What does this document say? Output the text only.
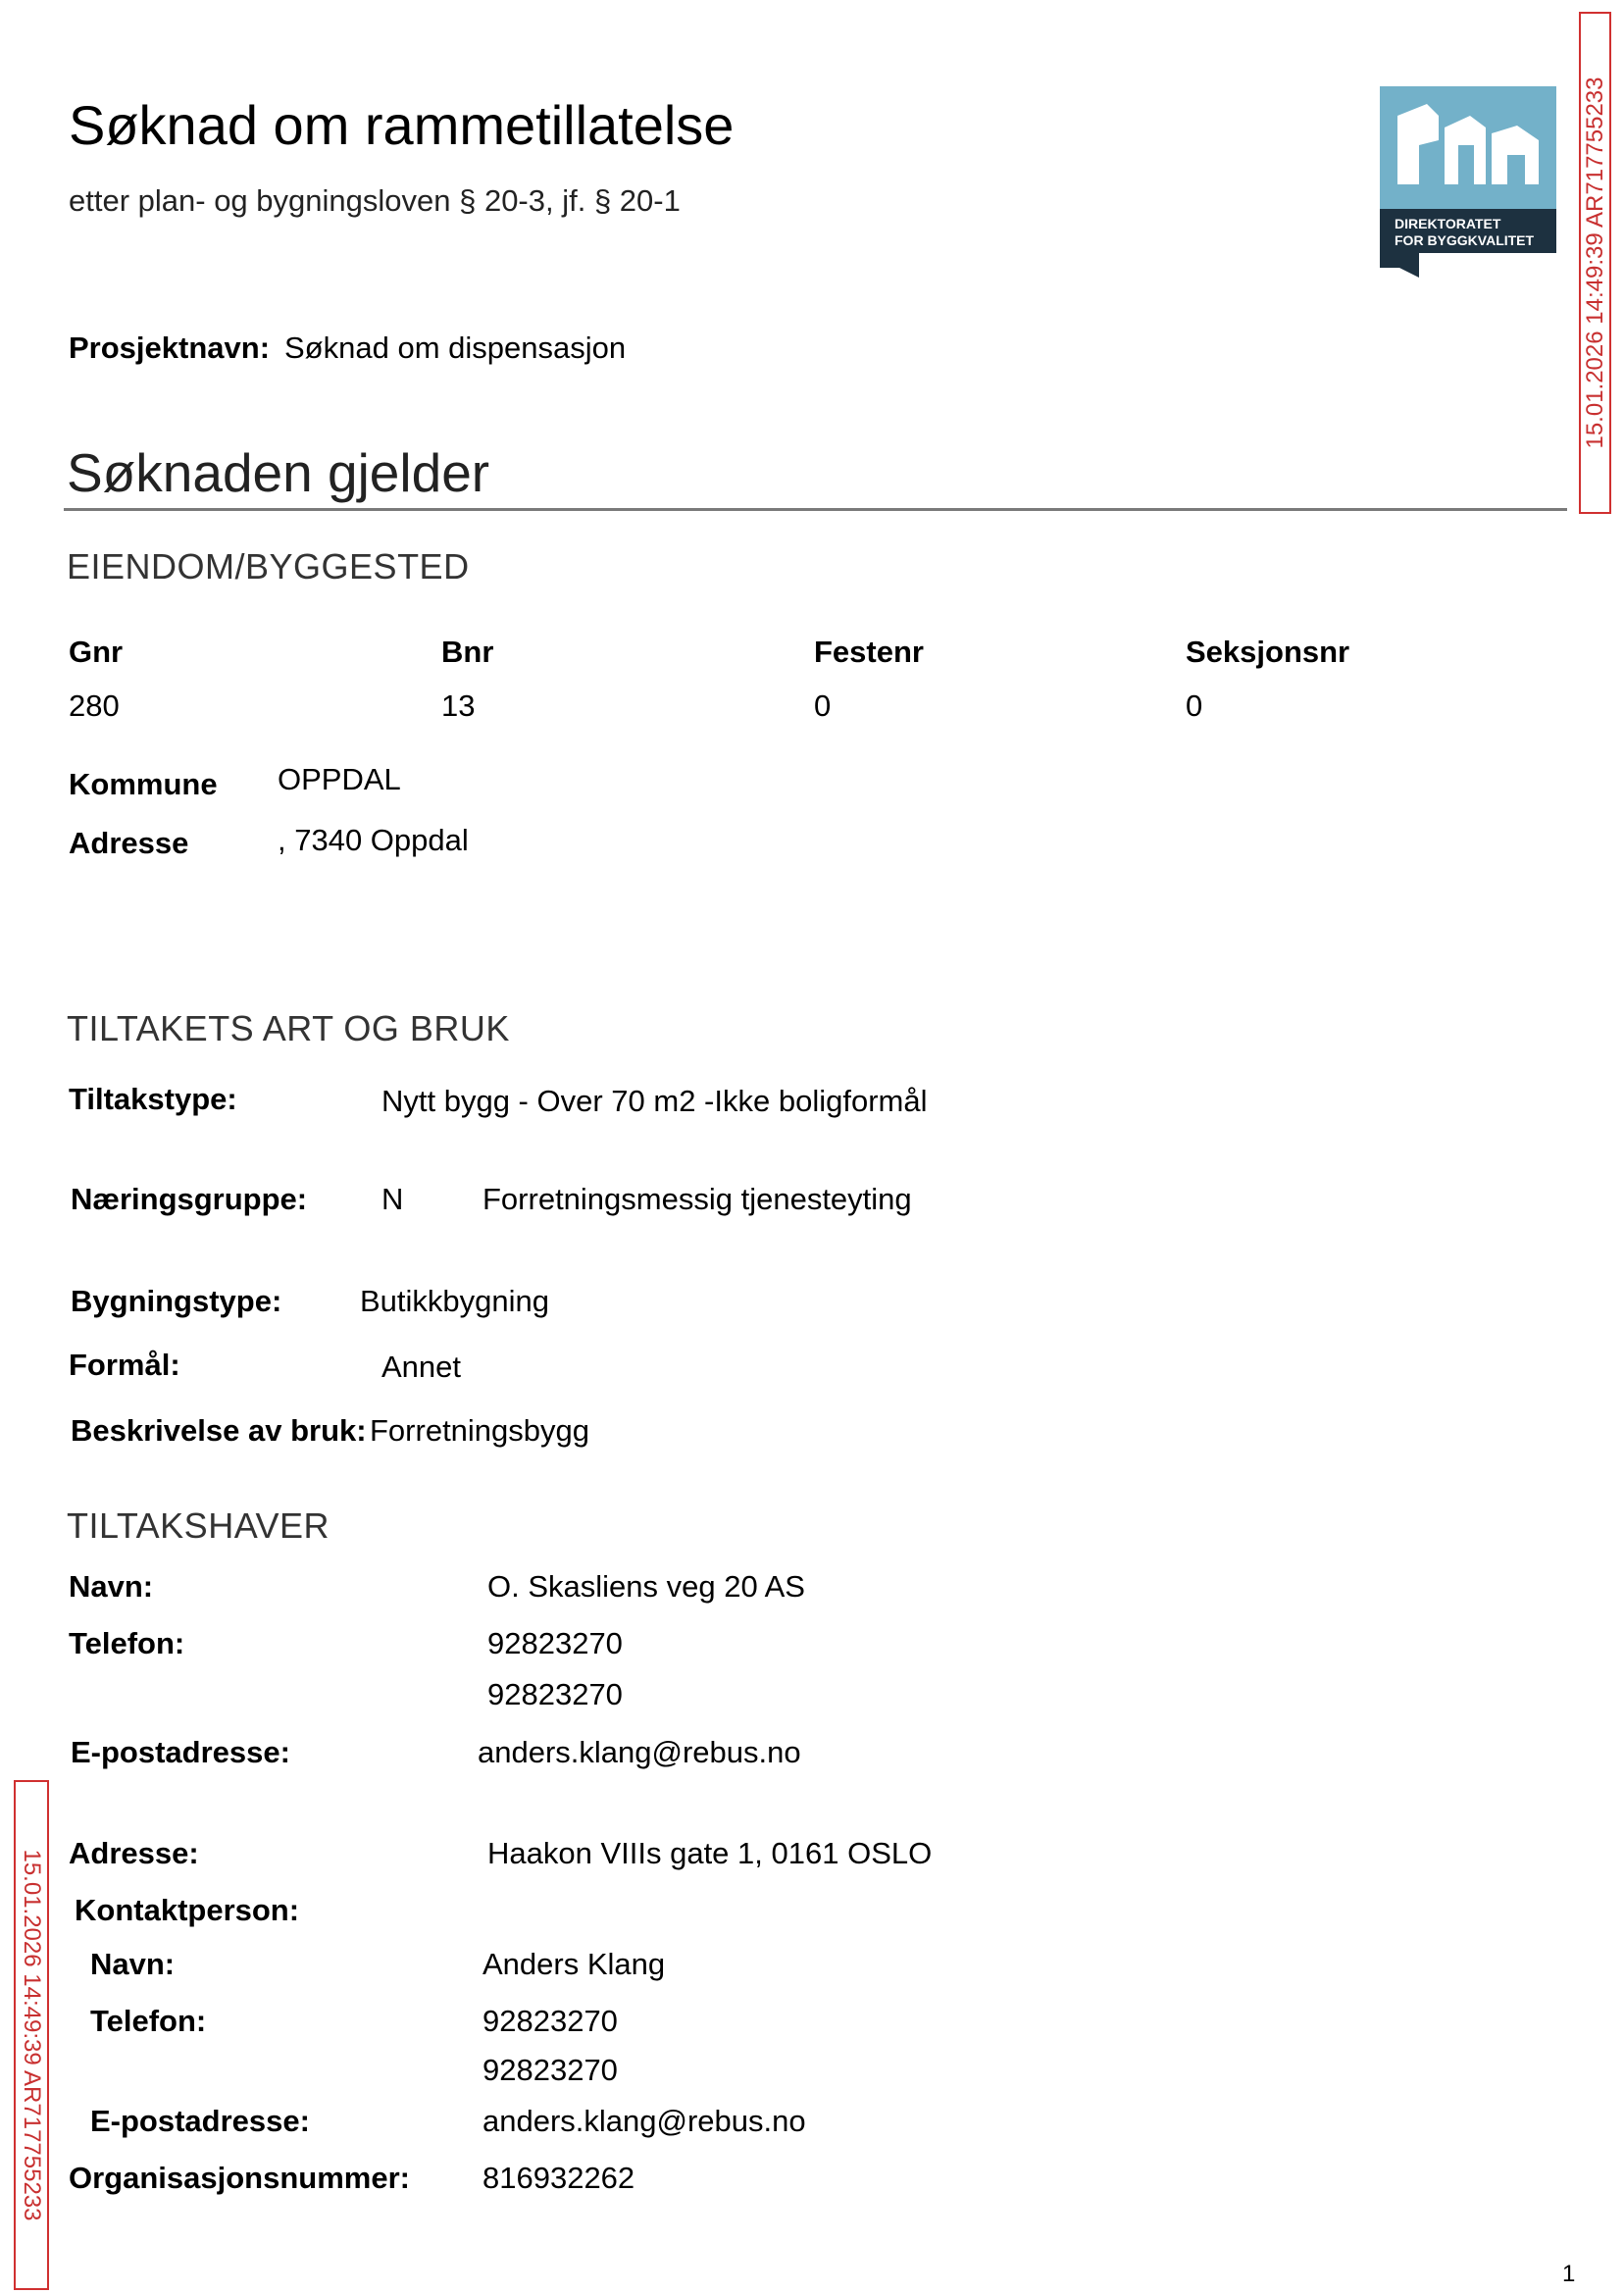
Søknad om rammetillatelse
etter plan- og bygningsloven § 20-3, jf. § 20-1
DIREKTORATET
FOR BYGGKVALITET 15.01.2026 14:49:39 AR717755233
15.01.2026 14:49:39 AR717755233
Prosjektnavn: Søknad om dispensasjon
Søknaden gjelder
EIENDOM/BYGGESTED
Gnr	Bnr	Festenr	Seksjonsnr
280	13	0	0
Kommune OPPDAL
Adresse	, 7340 Oppdal
TILTAKETS ART OG BRUK
Tiltakstype:	Nytt bygg - Over 70 m2 -Ikke boligformål
Næringsgruppe: N	Forretningsmessig tjenesteyting
Bygningstype:	Butikkbygning
Formål:	Annet
Beskrivelse av bruk: Forretningsbygg
TILTAKSHAVER
Navn:	O. Skasliens veg 20 AS
Telefon:	92823270
92823270
E-postadresse:	anders.klang@rebus.no
Adresse:	Haakon VIIIs gate 1, 0161 OSLO
Kontaktperson:
Navn:	Anders Klang
Telefon:	92823270
92823270
E-postadresse:	anders.klang@rebus.no
Organisasjonsnummer: 816932262
1
